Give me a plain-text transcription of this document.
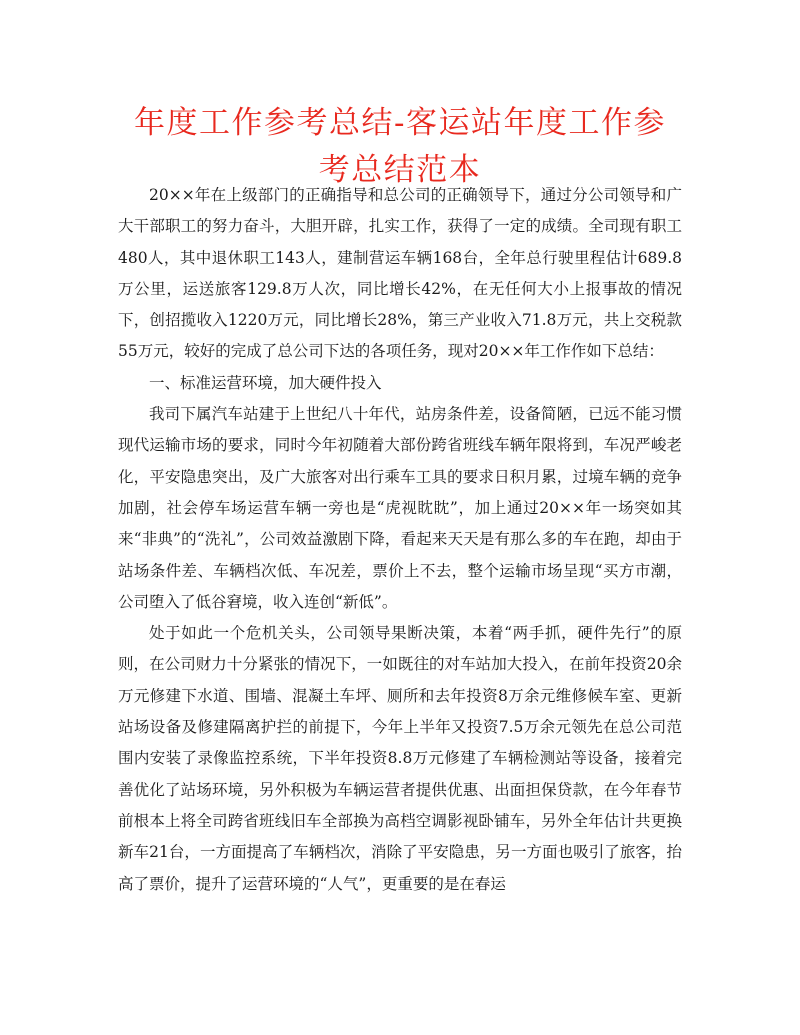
年度工作参考总结-客运站年度工作参考总结范本

20××年在上级部门的正确指导和总公司的正确领导下，通过分公司领导和广大干部职工的努力奋斗，大胆开辟，扎实工作，获得了一定的成绩。全司现有职工480人，其中退休职工143人，建制营运车辆168台，全年总行驶里程估计689.8万公里，运送旅客129.8万人次，同比增长42%，在无任何大小上报事故的情况下，创招揽收入1220万元，同比增长28%，第三产业收入71.8万元，共上交税款55万元，较好的完成了总公司下达的各项任务，现对20××年工作作如下总结：

一、标准运营环境，加大硬件投入

我司下属汽车站建于上世纪八十年代，站房条件差，设备简陋，已远不能习惯现代运输市场的要求，同时今年初随着大部份跨省班线车辆年限将到，车况严峻老化，平安隐患突出，及广大旅客对出行乘车工具的要求日积月累，过境车辆的竞争加剧，社会停车场运营车辆一旁也是“虎视眈眈”，加上通过20××年一场突如其来“非典”的“洗礼”，公司效益激剧下降，看起来天天是有那么多的车在跑，却由于站场条件差、车辆档次低、车况差，票价上不去，整个运输市场呈现“买方市潮，公司堕入了低谷窘境，收入连创“新低”。

处于如此一个危机关头，公司领导果断决策，本着“两手抓，硬件先行”的原则，在公司财力十分紧张的情况下，一如既往的对车站加大投入，在前年投资20余万元修建下水道、围墙、混凝土车坪、厕所和去年投资8万余元维修候车室、更新站场设备及修建隔离护拦的前提下，今年上半年又投资7.5万余元领先在总公司范围内安装了录像监控系统，下半年投资8.8万元修建了车辆检测站等设备，接着完善优化了站场环境，另外积极为车辆运营者提供优惠、出面担保贷款，在今年春节前根本上将全司跨省班线旧车全部换为高档空调影视卧铺车，另外全年估计共更换新车21台，一方面提高了车辆档次，消除了平安隐患，另一方面也吸引了旅客，抬高了票价，提升了运营环境的“人气”，更重要的是在春运
